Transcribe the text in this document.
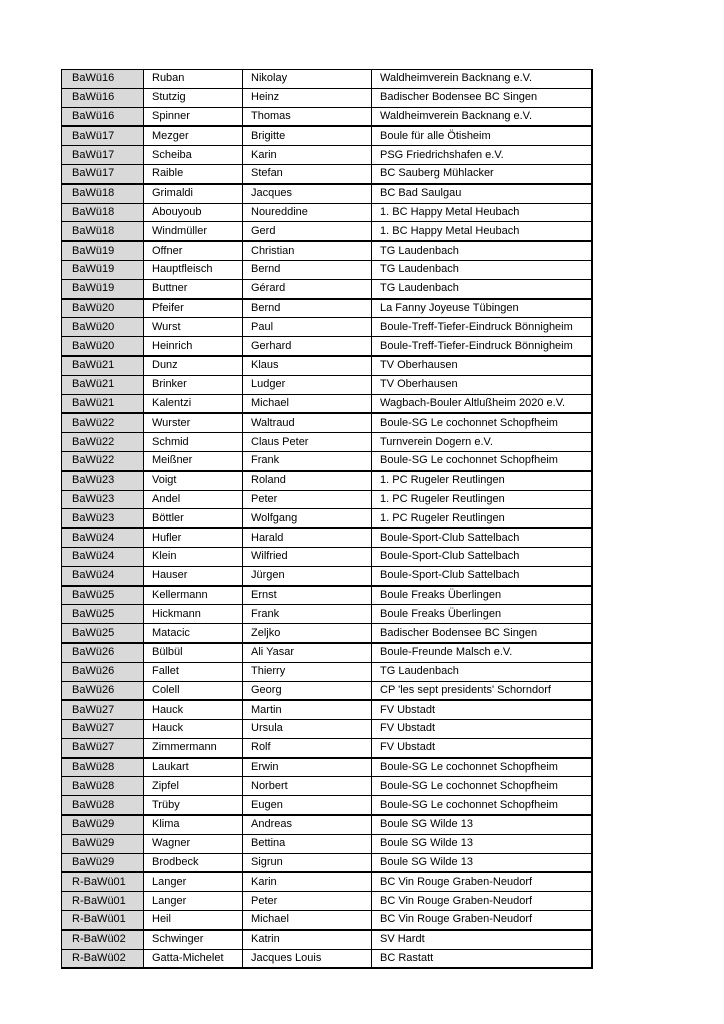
BaWü16	Ruban	Nikolay	Waldheimverein Backnang e.V.
BaWü16	Stutzig	Heinz	Badischer Bodensee BC Singen
BaWü16	Spinner	Thomas	Waldheimverein Backnang e.V.
BaWü17	Mezger	Brigitte	Boule für alle Ötisheim
BaWü17	Scheiba	Karin	PSG Friedrichshafen e.V.
BaWü17	Raible	Stefan	BC Sauberg Mühlacker
BaWü18	Grimaldi	Jacques	BC Bad Saulgau
BaWü18	Abouyoub	Noureddine	1. BC Happy Metal Heubach
BaWü18	Windmüller	Gerd	1. BC Happy Metal Heubach
BaWü19	Offner	Christian	TG Laudenbach
BaWü19	Hauptfleisch	Bernd	TG Laudenbach
BaWü19	Buttner	Gérard	TG Laudenbach
BaWü20	Pfeifer	Bernd	La Fanny Joyeuse Tübingen
BaWü20	Wurst	Paul	Boule-Treff-Tiefer-Eindruck Bönnigheim
BaWü20	Heinrich	Gerhard	Boule-Treff-Tiefer-Eindruck Bönnigheim
BaWü21	Dunz	Klaus	TV Oberhausen
BaWü21	Brinker	Ludger	TV Oberhausen
BaWü21	Kalentzi	Michael	Wagbach-Bouler Altlußheim 2020 e.V.
BaWü22	Wurster	Waltraud	Boule-SG Le cochonnet Schopfheim
BaWü22	Schmid	Claus Peter	Turnverein Dogern e.V.
BaWü22	Meißner	Frank	Boule-SG Le cochonnet Schopfheim
BaWü23	Voigt	Roland	1. PC Rugeler Reutlingen
BaWü23	Andel	Peter	1. PC Rugeler Reutlingen
BaWü23	Böttler	Wolfgang	1. PC Rugeler Reutlingen
BaWü24	Hufler	Harald	Boule-Sport-Club Sattelbach
BaWü24	Klein	Wilfried	Boule-Sport-Club Sattelbach
BaWü24	Hauser	Jürgen	Boule-Sport-Club Sattelbach
BaWü25	Kellermann	Ernst	Boule Freaks Überlingen
BaWü25	Hickmann	Frank	Boule Freaks Überlingen
BaWü25	Matacic	Zeljko	Badischer Bodensee BC Singen
BaWü26	Bülbül	Ali Yasar	Boule-Freunde Malsch e.V.
BaWü26	Fallet	Thierry	TG Laudenbach
BaWü26	Colell	Georg	CP 'les sept presidents' Schorndorf
BaWü27	Hauck	Martin	FV Ubstadt
BaWü27	Hauck	Ursula	FV Ubstadt
BaWü27	Zimmermann	Rolf	FV Ubstadt
BaWü28	Laukart	Erwin	Boule-SG Le cochonnet Schopfheim
BaWü28	Zipfel	Norbert	Boule-SG Le cochonnet Schopfheim
BaWü28	Trüby	Eugen	Boule-SG Le cochonnet Schopfheim
BaWü29	Klima	Andreas	Boule SG Wilde 13
BaWü29	Wagner	Bettina	Boule SG Wilde 13
BaWü29	Brodbeck	Sigrun	Boule SG Wilde 13
R-BaWü01	Langer	Karin	BC Vin Rouge Graben-Neudorf
R-BaWü01	Langer	Peter	BC Vin Rouge Graben-Neudorf
R-BaWü01	Heil	Michael	BC Vin Rouge Graben-Neudorf
R-BaWü02	Schwinger	Katrin	SV Hardt
R-BaWü02	Gatta-Michelet	Jacques Louis	BC Rastatt
